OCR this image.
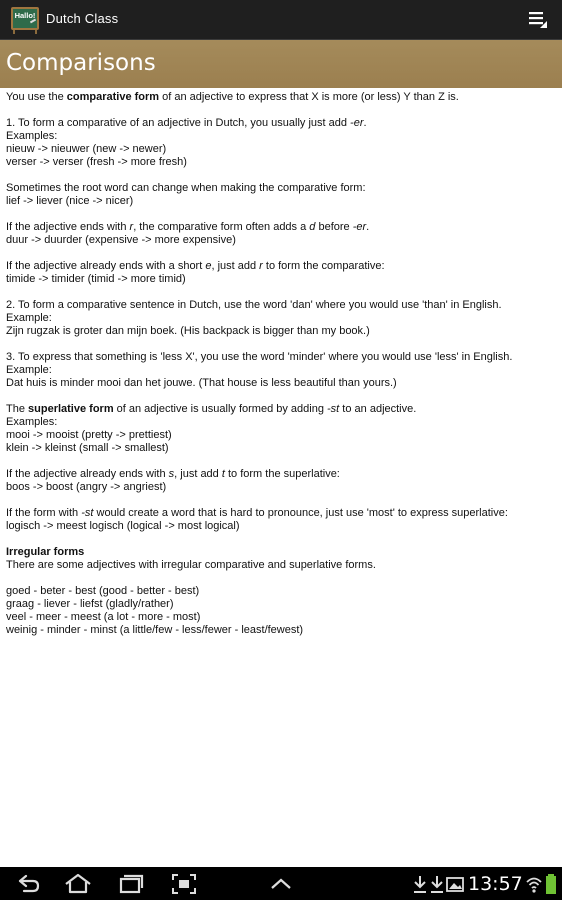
Hallo! Dutch Class
Comparisons

You use the comparative form of an adjective to express that X is more (or less) Y than Z is.

1. To form a comparative of an adjective in Dutch, you usually just add -er.
Examples:
nieuw -> nieuwer (new -> newer)
verser -> verser (fresh -> more fresh)

Sometimes the root word can change when making the comparative form:
lief -> liever (nice -> nicer)

If the adjective ends with r, the comparative form often adds a d before -er.
duur -> duurder (expensive -> more expensive)

If the adjective already ends with a short e, just add r to form the comparative:
timide -> timider (timid -> more timid)

2. To form a comparative sentence in Dutch, use the word 'dan' where you would use 'than' in English.
Example:
Zijn rugzak is groter dan mijn boek. (His backpack is bigger than my book.)

3. To express that something is 'less X', you use the word 'minder' where you would use 'less' in English.
Example:
Dat huis is minder mooi dan het jouwe. (That house is less beautiful than yours.)

The superlative form of an adjective is usually formed by adding -st to an adjective.
Examples:
mooi -> mooist (pretty -> prettiest)
klein -> kleinst (small -> smallest)

If the adjective already ends with s, just add t to form the superlative:
boos -> boost (angry -> angriest)

If the form with -st would create a word that is hard to pronounce, just use 'most' to express superlative:
logisch -> meest logisch (logical -> most logical)

Irregular forms
There are some adjectives with irregular comparative and superlative forms.

goed - beter - best (good - better - best)
graag - liever - liefst (gladly/rather)
veel - meer - meest (a lot - more - most)
weinig - minder - minst (a little/few - less/fewer - least/fewest)

13:57
